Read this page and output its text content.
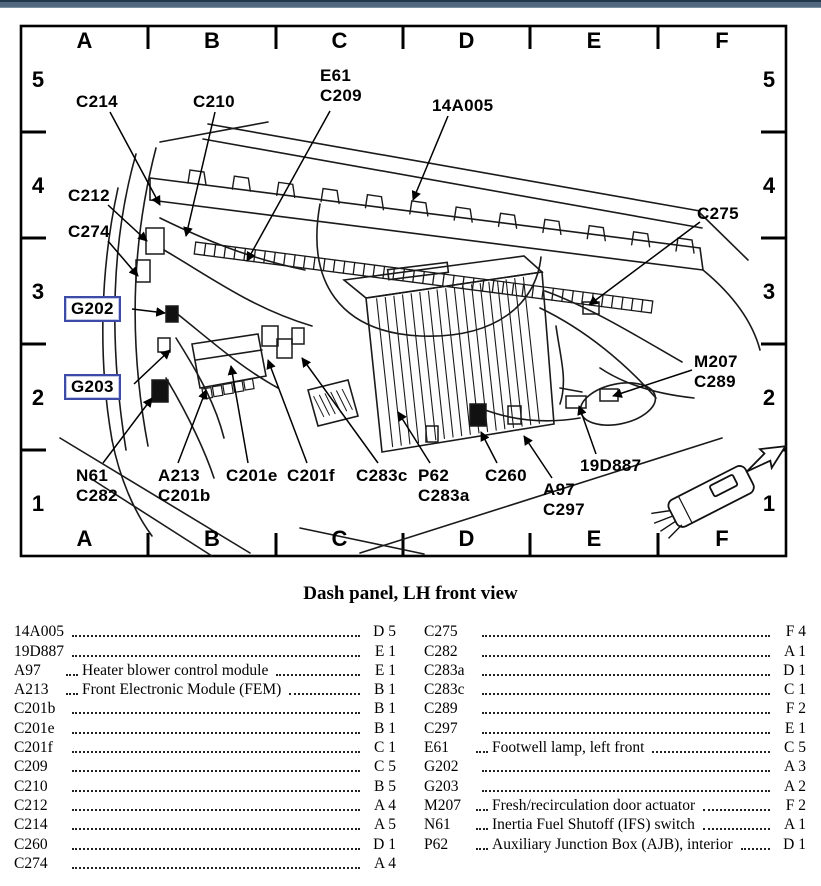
A
A
B
B
C
C
D
D
E
E
F
F
5	5
4	4
3	3
2	2
1	1
C214	C210
E61
C209
14A005
C212
C274
G202
G203
C275
M207
C289
N61
C282
A213
C201b
C201e C201f C283c P62
C283a
C260
A97
C297
19D887
Dash panel, LH front view
14A005	D 5
19D887	E 1
A97	Heater blower control module	E 1
A213	Front Electronic Module (FEM)	B 1
C201b	B 1
C201e	B 1
C201f	C 1
C209	C 5
C210	B 5
C212	A 4
C214	A 5
C260	D 1
C274	A 4
C275	F 4
C282	A 1
C283a	D 1
C283c	C 1
C289	F 2
C297	E 1
E61	Footwell lamp, left front	C 5
G202	A 3
G203	A 2
M207	Fresh/recirculation door actuator	F 2
N61	Inertia Fuel Shutoff (IFS) switch	A 1
P62	Auxiliary Junction Box (AJB), interior	D 1
